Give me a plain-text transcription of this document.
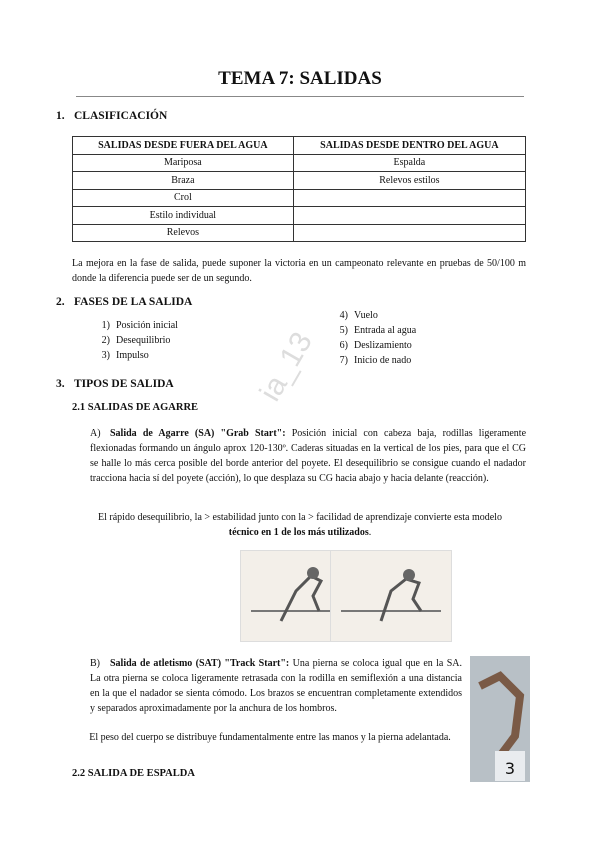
TEMA 7: SALIDAS
1. CLASIFICACIÓN
SALIDAS DESDE FUERA DEL AGUA	SALIDAS DESDE DENTRO DEL AGUA
Mariposa	Espalda
Braza	Relevos estilos
Crol	
Estilo individual	
Relevos	
La mejora en la fase de salida, puede suponer la victoria en un campeonato relevante en pruebas de 50/100 m donde la diferencia puede ser de un segundo.
2. FASES DE LA SALIDA
1) Posición inicial
2) Desequilibrio
3) Impulso
4) Vuelo
5) Entrada al agua
6) Deslizamiento
7) Inicio de nado
ia_13
3. TIPOS DE SALIDA
2.1 SALIDAS DE AGARRE
A) Salida de Agarre (SA) "Grab Start": Posición inicial con cabeza baja, rodillas ligeramente flexionadas formando un ángulo aprox 120-130º. Caderas situadas en la vertical de los pies, para que el CG se halle lo más cerca posible del borde anterior del poyete. El desequilibrio se consigue cuando el nadador tracciona hacia sí del poyete (acción), lo que desplaza su CG hacia abajo y hacia delante (reacción).
El rápido desequilibrio, la > estabilidad junto con la > facilidad de aprendizaje convierte esta modelo
técnico en 1 de los más utilizados.
B) Salida de atletismo (SAT) "Track Start": Una pierna se coloca igual que en la SA. La otra pierna se coloca ligeramente retrasada con la rodilla en semiflexión a una distancia en la que el nadador se sienta cómodo. Los brazos se encuentran completamente extendidos y separados aproximadamente por la anchura de los hombros.
3
El peso del cuerpo se distribuye fundamentalmente entre las manos y la pierna adelantada.
2.2 SALIDA DE ESPALDA
